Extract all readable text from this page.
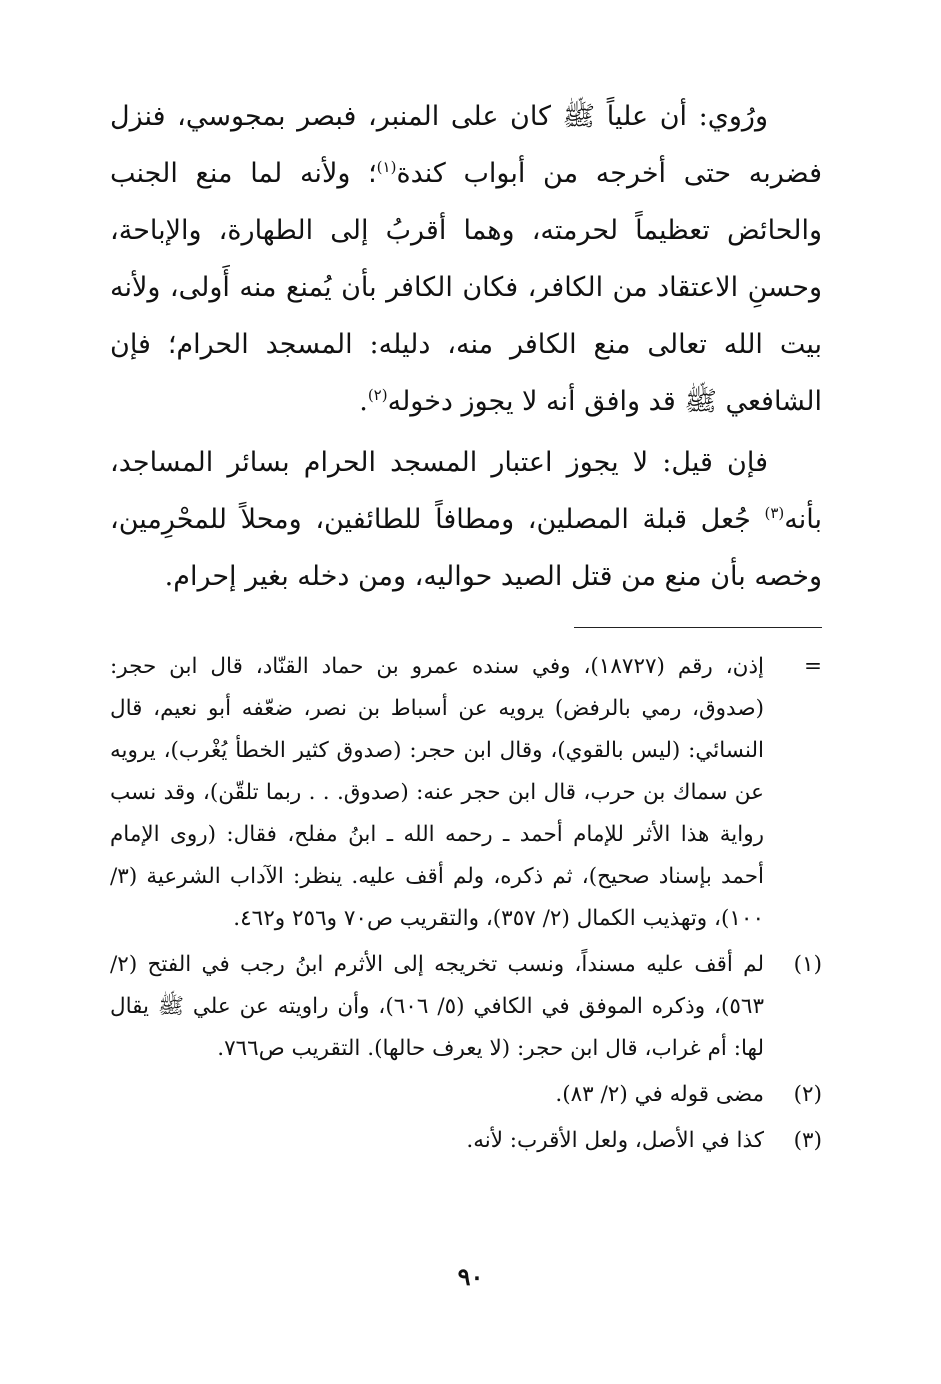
ورُوي: أن علياً ﷺ كان على المنبر، فبصر بمجوسي، فنزل فضربه حتى أخرجه من أبواب كندة$^{(١)}$؛ ولأنه لما منع الجنب والحائض تعظيماً لحرمته، وهما أقربُ إلى الطهارة، والإباحة، وحسنِ الاعتقاد من الكافر، فكان الكافر بأن يُمنع منه أَولى، ولأنه بيت الله تعالى منع الكافر منه، دليله: المسجد الحرام؛ فإن الشافعي ﷺ قد وافق أنه لا يجوز دخوله$^{(٢)}$.

فإن قيل: لا يجوز اعتبار المسجد الحرام بسائر المساجد، بأنه$^{(٣)}$ جُعل قبلة المصلين، ومطافاً للطائفين، ومحلاً للمحْرِمين، وخصه بأن منع من قتل الصيد حواليه، ومن دخله بغير إحرام.

=
إذن، رقم (١٨٧٢٧)، وفي سنده عمرو بن حماد القنّاد، قال ابن حجر: (صدوق، رمي بالرفض) يرويه عن أسباط بن نصر، ضعّفه أبو نعيم، قال النسائي: (ليس بالقوي)، وقال ابن حجر: (صدوق كثير الخطأ يُغْرب)، يرويه عن سماك بن حرب، قال ابن حجر عنه: (صدوق. . . ربما تلقّن)، وقد نسب رواية هذا الأثر للإمام أحمد ـ رحمه الله ـ ابنُ مفلح، فقال: (روى الإمام أحمد بإسناد صحيح)، ثم ذكره، ولم أقف عليه. ينظر: الآداب الشرعية (٣/ ١٠٠)، وتهذيب الكمال (٢/ ٣٥٧)، والتقريب ص٧٠ و٢٥٦ و٤٦٢.
(١)
لم أقف عليه مسنداً، ونسب تخريجه إلى الأثرم ابنُ رجب في الفتح (٢/ ٥٦٣)، وذكره الموفق في الكافي (٥/ ٦٠٦)، وأن راويته عن علي ﷺ يقال لها: أم غراب، قال ابن حجر: (لا يعرف حالها). التقريب ص٧٦٦.
(٢)
مضى قوله في (٢/ ٨٣).
(٣)
كذا في الأصل، ولعل الأقرب: لأنه.
٩٠
